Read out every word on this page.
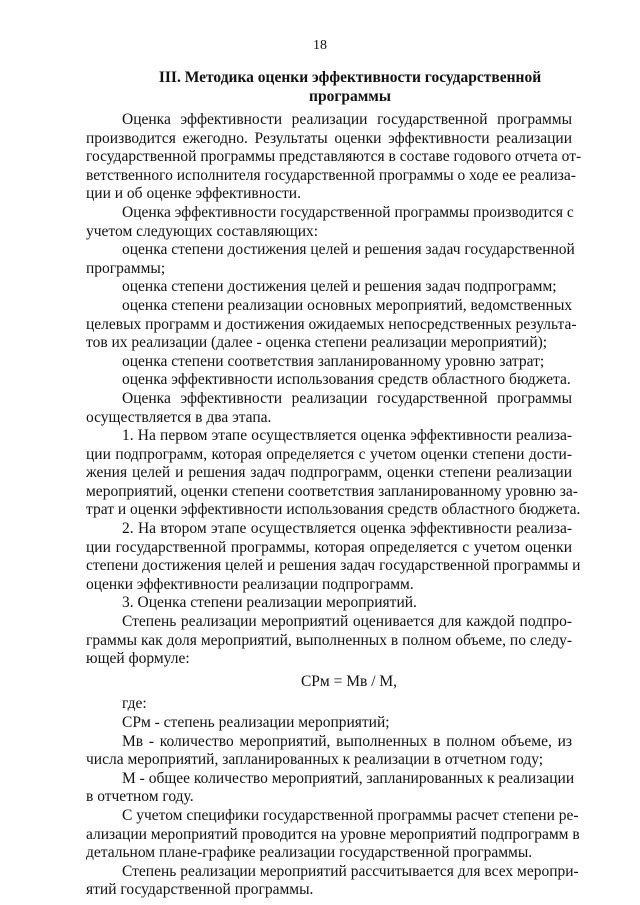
18
III. Методика оценки эффективности государственной
программы

Оценка эффективности реализации государственной программы
производится ежегодно. Результаты оценки эффективности реализации
государственной программы представляются в составе годового отчета от-
ветственного исполнителя государственной программы о ходе ее реализа-
ции и об оценке эффективности.

Оценка эффективности государственной программы производится с
учетом следующих составляющих:

оценка степени достижения целей и решения задач государственной
программы;

оценка степени достижения целей и решения задач подпрограмм;

оценка степени реализации основных мероприятий, ведомственных
целевых программ и достижения ожидаемых непосредственных результа-
тов их реализации (далее - оценка степени реализации мероприятий);

оценка степени соответствия запланированному уровню затрат;

оценка эффективности использования средств областного бюджета.

Оценка эффективности реализации государственной программы
осуществляется в два этапа.

1. На первом этапе осуществляется оценка эффективности реализа-
ции подпрограмм, которая определяется с учетом оценки степени дости-
жения целей и решения задач подпрограмм, оценки степени реализации
мероприятий, оценки степени соответствия запланированному уровню за-
трат и оценки эффективности использования средств областного бюджета.

2. На втором этапе осуществляется оценка эффективности реализа-
ции государственной программы, которая определяется с учетом оценки
степени достижения целей и решения задач государственной программы и
оценки эффективности реализации подпрограмм.

3. Оценка степени реализации мероприятий.

Степень реализации мероприятий оценивается для каждой подпро-
граммы как доля мероприятий, выполненных в полном объеме, по следу-
ющей формуле:

СРм = Мв / М,

где:

СРм - степень реализации мероприятий;

Мв - количество мероприятий, выполненных в полном объеме, из
числа мероприятий, запланированных к реализации в отчетном году;

М - общее количество мероприятий, запланированных к реализации
в отчетном году.

С учетом специфики государственной программы расчет степени ре-
ализации мероприятий проводится на уровне мероприятий подпрограмм в
детальном плане-графике реализации государственной программы.

Степень реализации мероприятий рассчитывается для всех меропри-
ятий государственной программы.
